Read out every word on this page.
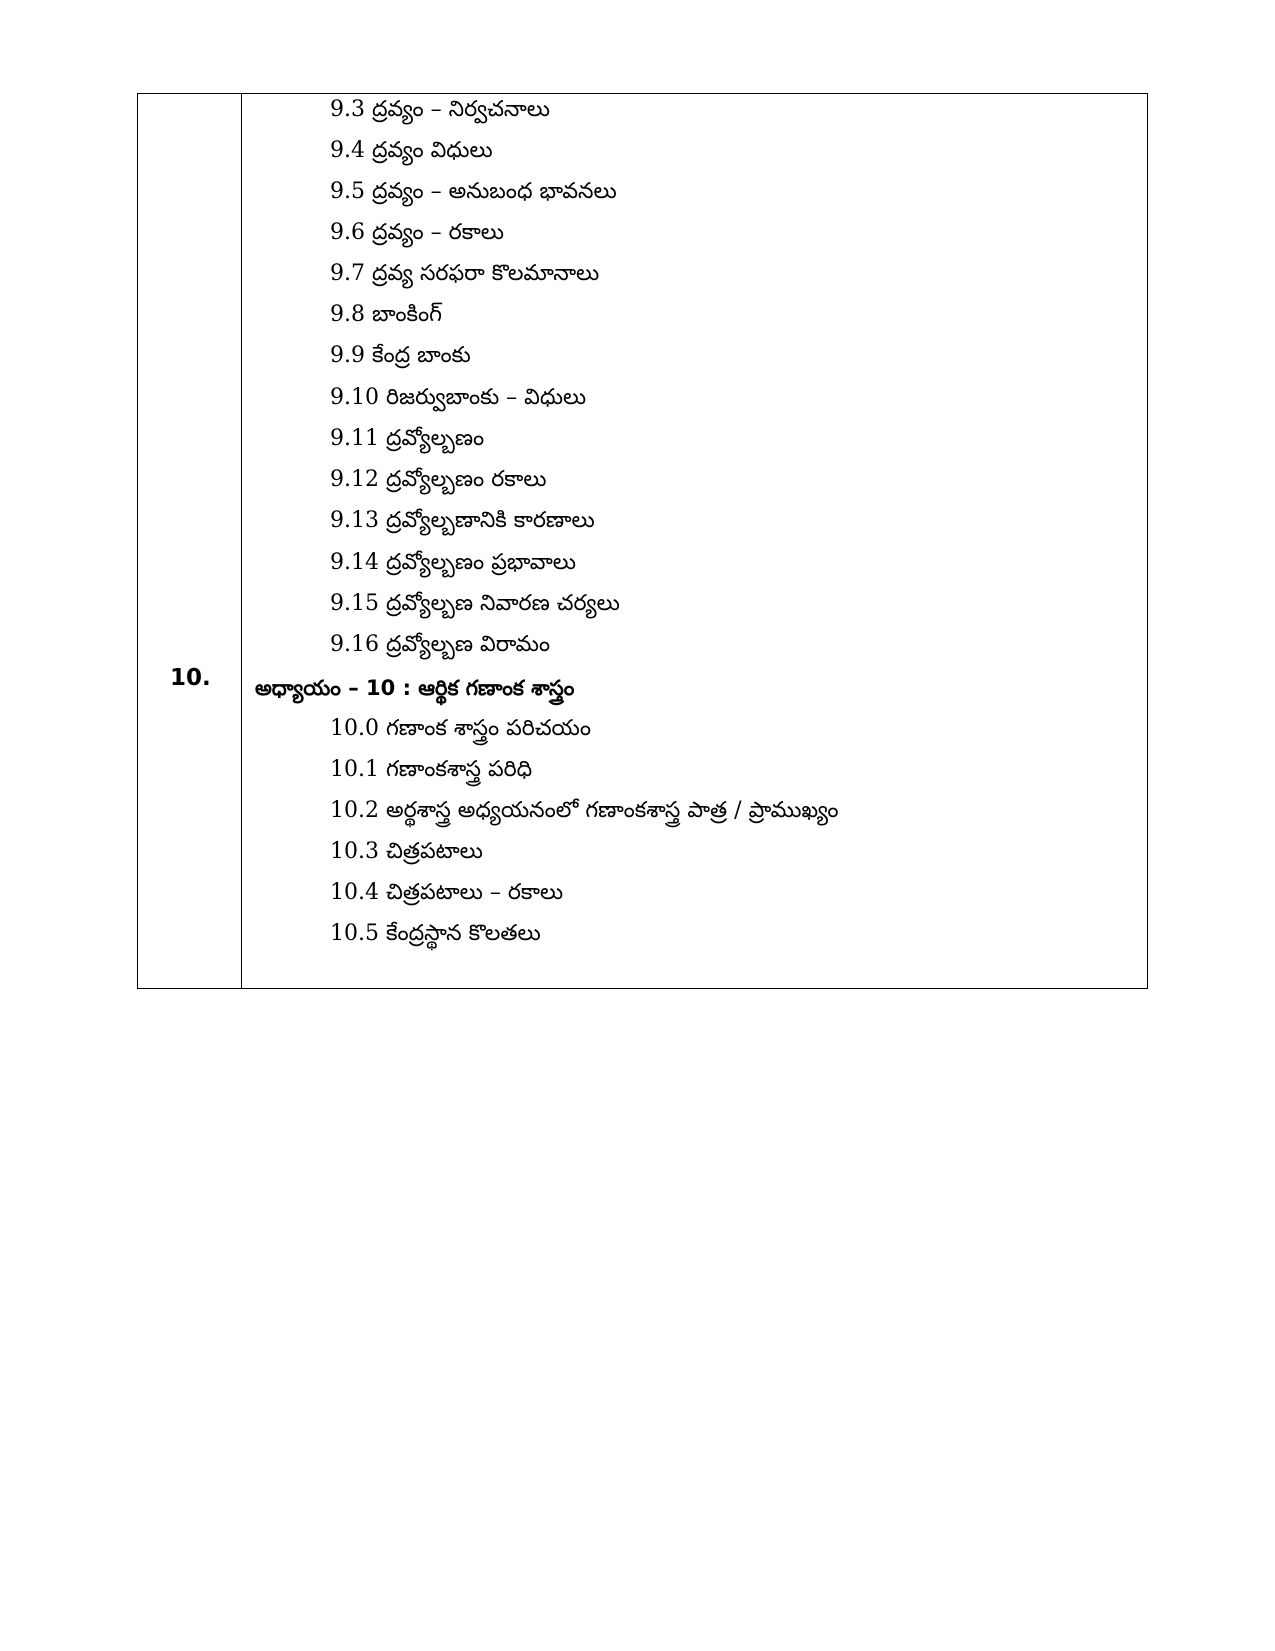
10.
9.3 ద్రవ్యం – నిర్వచనాలు
9.4 ద్రవ్యం విధులు
9.5 ద్రవ్యం – అనుబంధ భావనలు
9.6 ద్రవ్యం – రకాలు
9.7 ద్రవ్య సరఫరా కొలమానాలు
9.8 బాంకింగ్
9.9 కేంద్ర బాంకు
9.10 రిజర్వుబాంకు – విధులు
9.11 ద్రవ్యోల్బణం
9.12 ద్రవ్యోల్బణం రకాలు
9.13 ద్రవ్యోల్బణానికి కారణాలు
9.14 ద్రవ్యోల్బణం ప్రభావాలు
9.15 ద్రవ్యోల్బణ నివారణ చర్యలు
9.16 ద్రవ్యోల్బణ విరామం
అధ్యాయం – 10 : ఆర్థిక గణాంక శాస్త్రం
10.0 గణాంక శాస్త్రం పరిచయం
10.1 గణాంకశాస్త్ర పరిధి
10.2 అర్థశాస్త్ర అధ్యయనంలో గణాంకశాస్త్ర పాత్ర / ప్రాముఖ్యం
10.3 చిత్రపటాలు
10.4 చిత్రపటాలు – రకాలు
10.5 కేంద్రస్థాన కొలతలు
